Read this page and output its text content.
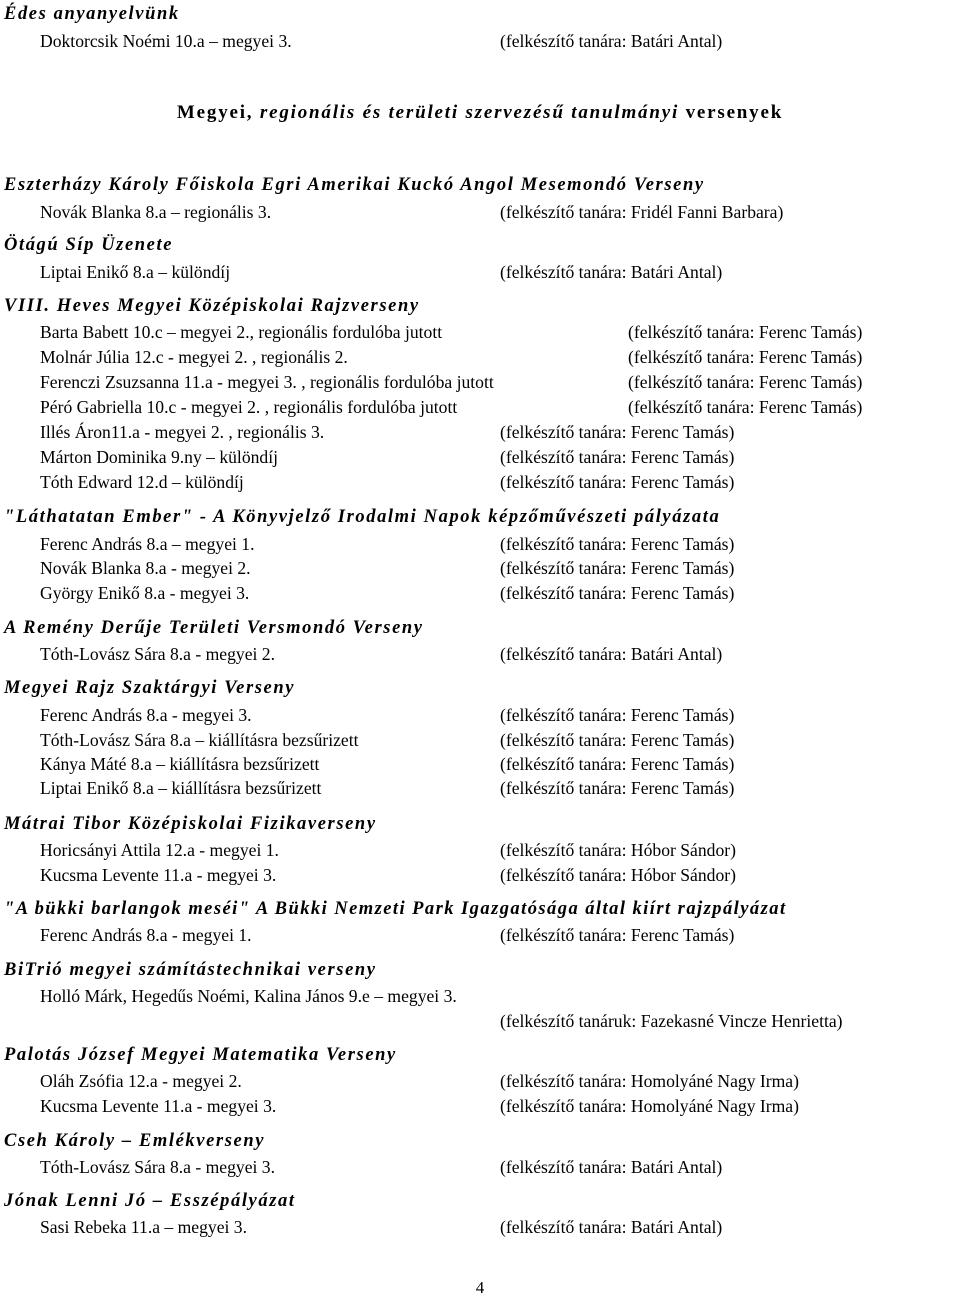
Édes anyanyelvünk
Doktorcsik Noémi 10.a – megyei 3.	(felkészítő tanára: Batári Antal)
Megyei, regionális és területi szervezésű tanulmányi versenyek
Eszterházy Károly Főiskola Egri Amerikai Kuckó Angol Mesemondó Verseny
Novák Blanka 8.a – regionális 3.	(felkészítő tanára: Fridél Fanni Barbara)
Ötágú Síp Üzenete
Liptai Enikő 8.a – különdíj	(felkészítő tanára: Batári Antal)
VIII. Heves Megyei Középiskolai Rajzverseny
Barta Babett 10.c – megyei 2., regionális fordulóba jutott	(felkészítő tanára: Ferenc Tamás)
Molnár Júlia 12.c - megyei 2. , regionális 2.	(felkészítő tanára: Ferenc Tamás)
Ferenczi Zsuzsanna 11.a - megyei 3. , regionális fordulóba jutott	(felkészítő tanára: Ferenc Tamás)
Péró Gabriella 10.c - megyei 2. , regionális fordulóba jutott	(felkészítő tanára: Ferenc Tamás)
Illés Áron11.a - megyei 2. , regionális 3.	(felkészítő tanára: Ferenc Tamás)
Márton Dominika 9.ny – különdíj	(felkészítő tanára: Ferenc Tamás)
Tóth Edward 12.d – különdíj	(felkészítő tanára: Ferenc Tamás)
"Láthatatan Ember" - A Könyvjelző Irodalmi Napok képzőművészeti pályázata
Ferenc András 8.a – megyei 1.	(felkészítő tanára: Ferenc Tamás)
Novák Blanka 8.a - megyei 2.	(felkészítő tanára: Ferenc Tamás)
György Enikő 8.a - megyei 3.	(felkészítő tanára: Ferenc Tamás)
A Remény Derűje Területi Versmondó Verseny
Tóth-Lovász Sára 8.a - megyei 2.	(felkészítő tanára: Batári Antal)
Megyei Rajz Szaktárgyi Verseny
Ferenc András 8.a - megyei 3.	(felkészítő tanára: Ferenc Tamás)
Tóth-Lovász Sára 8.a – kiállításra bezsűrizett	(felkészítő tanára: Ferenc Tamás)
Kánya Máté 8.a – kiállításra bezsűrizett	(felkészítő tanára: Ferenc Tamás)
Liptai Enikő 8.a – kiállításra bezsűrizett	(felkészítő tanára: Ferenc Tamás)
Mátrai Tibor Középiskolai Fizikaverseny
Horicsányi Attila 12.a - megyei 1.	(felkészítő tanára: Hóbor Sándor)
Kucsma Levente 11.a - megyei 3.	(felkészítő tanára: Hóbor Sándor)
"A bükki barlangok meséi" A Bükki Nemzeti Park Igazgatósága által kiírt rajzpályázat
Ferenc András 8.a - megyei 1.	(felkészítő tanára: Ferenc Tamás)
BiTrió megyei számítástechnikai verseny
Holló Márk, Hegedűs Noémi, Kalina János 9.e – megyei 3.
(felkészítő tanáruk: Fazekasné Vincze Henrietta)
Palotás József Megyei Matematika Verseny
Oláh Zsófia 12.a - megyei 2.	(felkészítő tanára: Homolyáné Nagy Irma)
Kucsma Levente 11.a - megyei 3.	(felkészítő tanára: Homolyáné Nagy Irma)
Cseh Károly – Emlékverseny
Tóth-Lovász Sára 8.a - megyei 3.	(felkészítő tanára: Batári Antal)
Jónak Lenni Jó – Esszépályázat
Sasi Rebeka 11.a – megyei 3.	(felkészítő tanára: Batári Antal)
4
